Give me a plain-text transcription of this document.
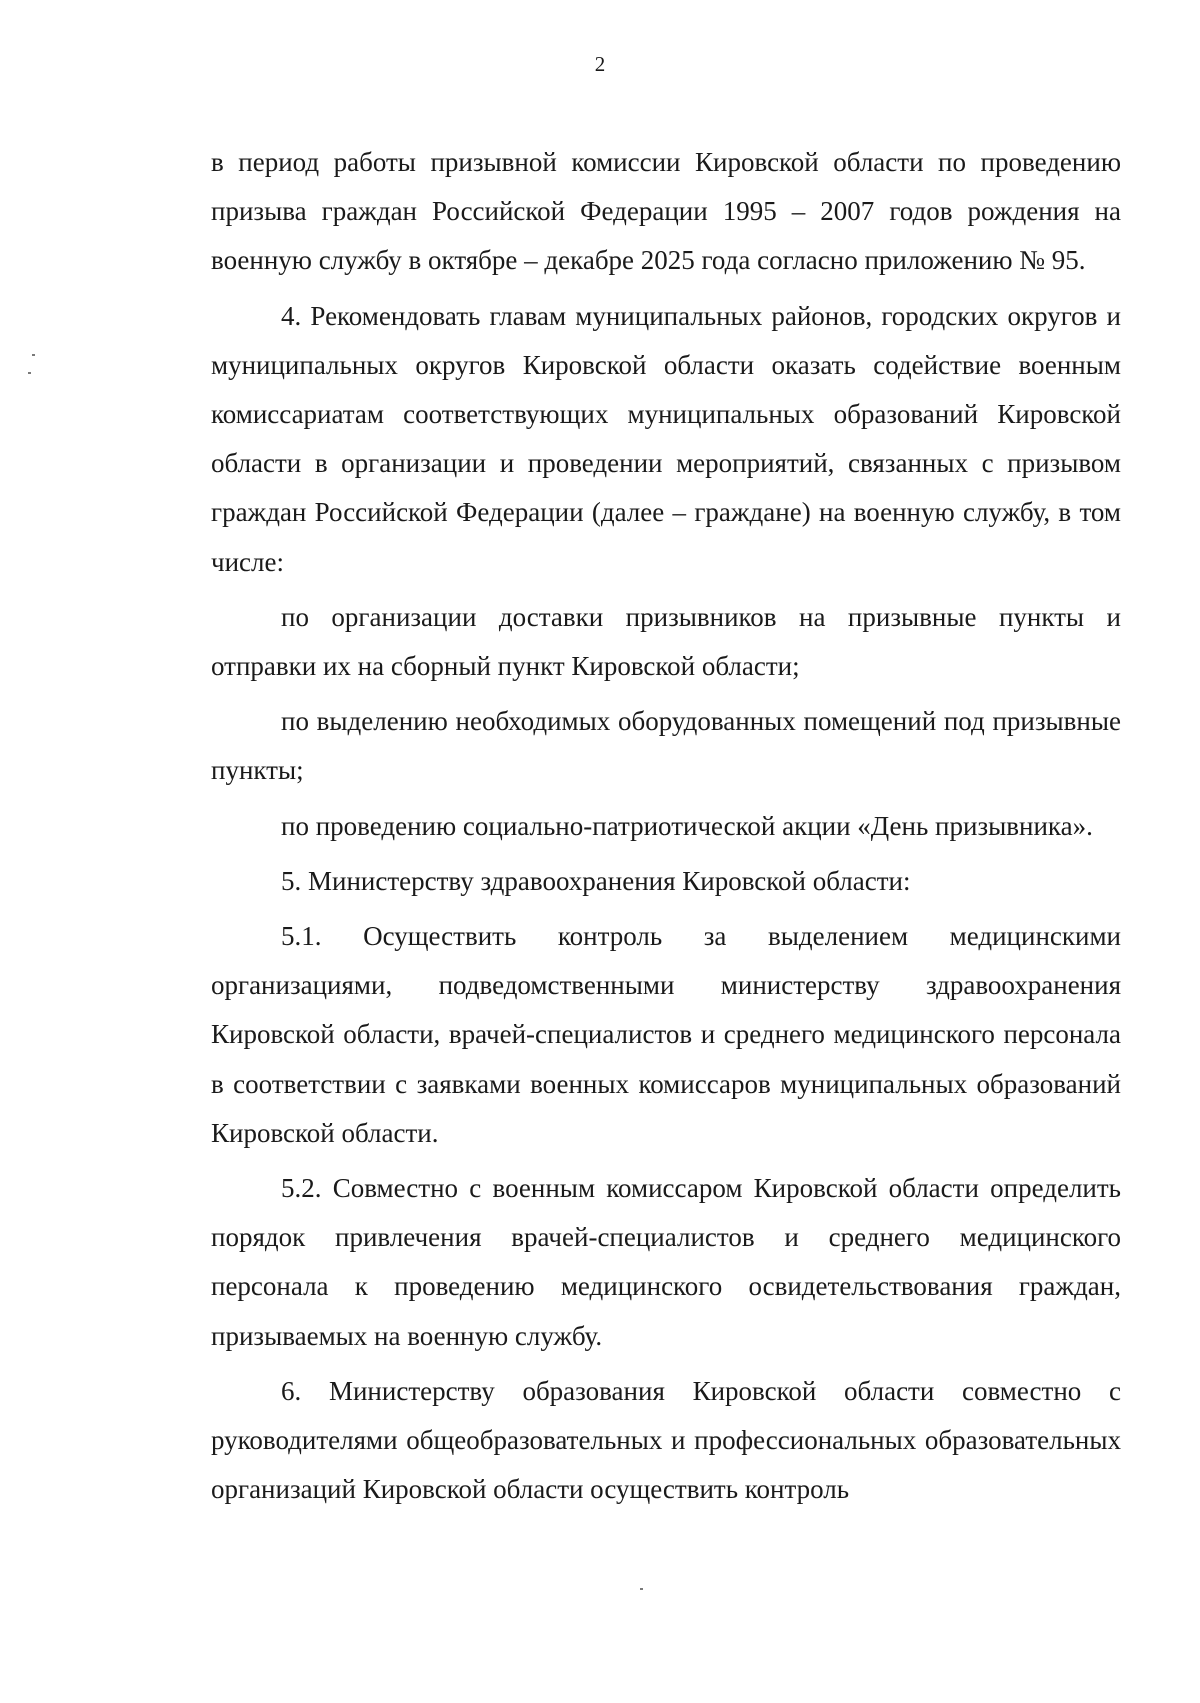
2

в период работы призывной комиссии Кировской области по проведению призыва граждан Российской Федерации 1995 – 2007 годов рождения на военную службу в октябре – декабре 2025 года согласно приложению № 95.

4. Рекомендовать главам муниципальных районов, городских округов и муниципальных округов Кировской области оказать содействие военным комиссариатам соответствующих муниципальных образований Кировской области в организации и проведении мероприятий, связанных с призывом граждан Российской Федерации (далее – граждане) на военную службу, в том числе:

по организации доставки призывников на призывные пункты и отправки их на сборный пункт Кировской области;

по выделению необходимых оборудованных помещений под призывные пункты;

по проведению социально-патриотической акции «День призывника».

5. Министерству здравоохранения Кировской области:

5.1. Осуществить контроль за выделением медицинскими организациями, подведомственными министерству здравоохранения Кировской области, врачей-специалистов и среднего медицинского персонала в соответствии с заявками военных комиссаров муниципальных образований Кировской области.

5.2. Совместно с военным комиссаром Кировской области определить порядок привлечения врачей-специалистов и среднего медицинского персонала к проведению медицинского освидетельствования граждан, призываемых на военную службу.

6. Министерству образования Кировской области совместно с руководителями общеобразовательных и профессиональных образовательных организаций Кировской области осуществить контроль
